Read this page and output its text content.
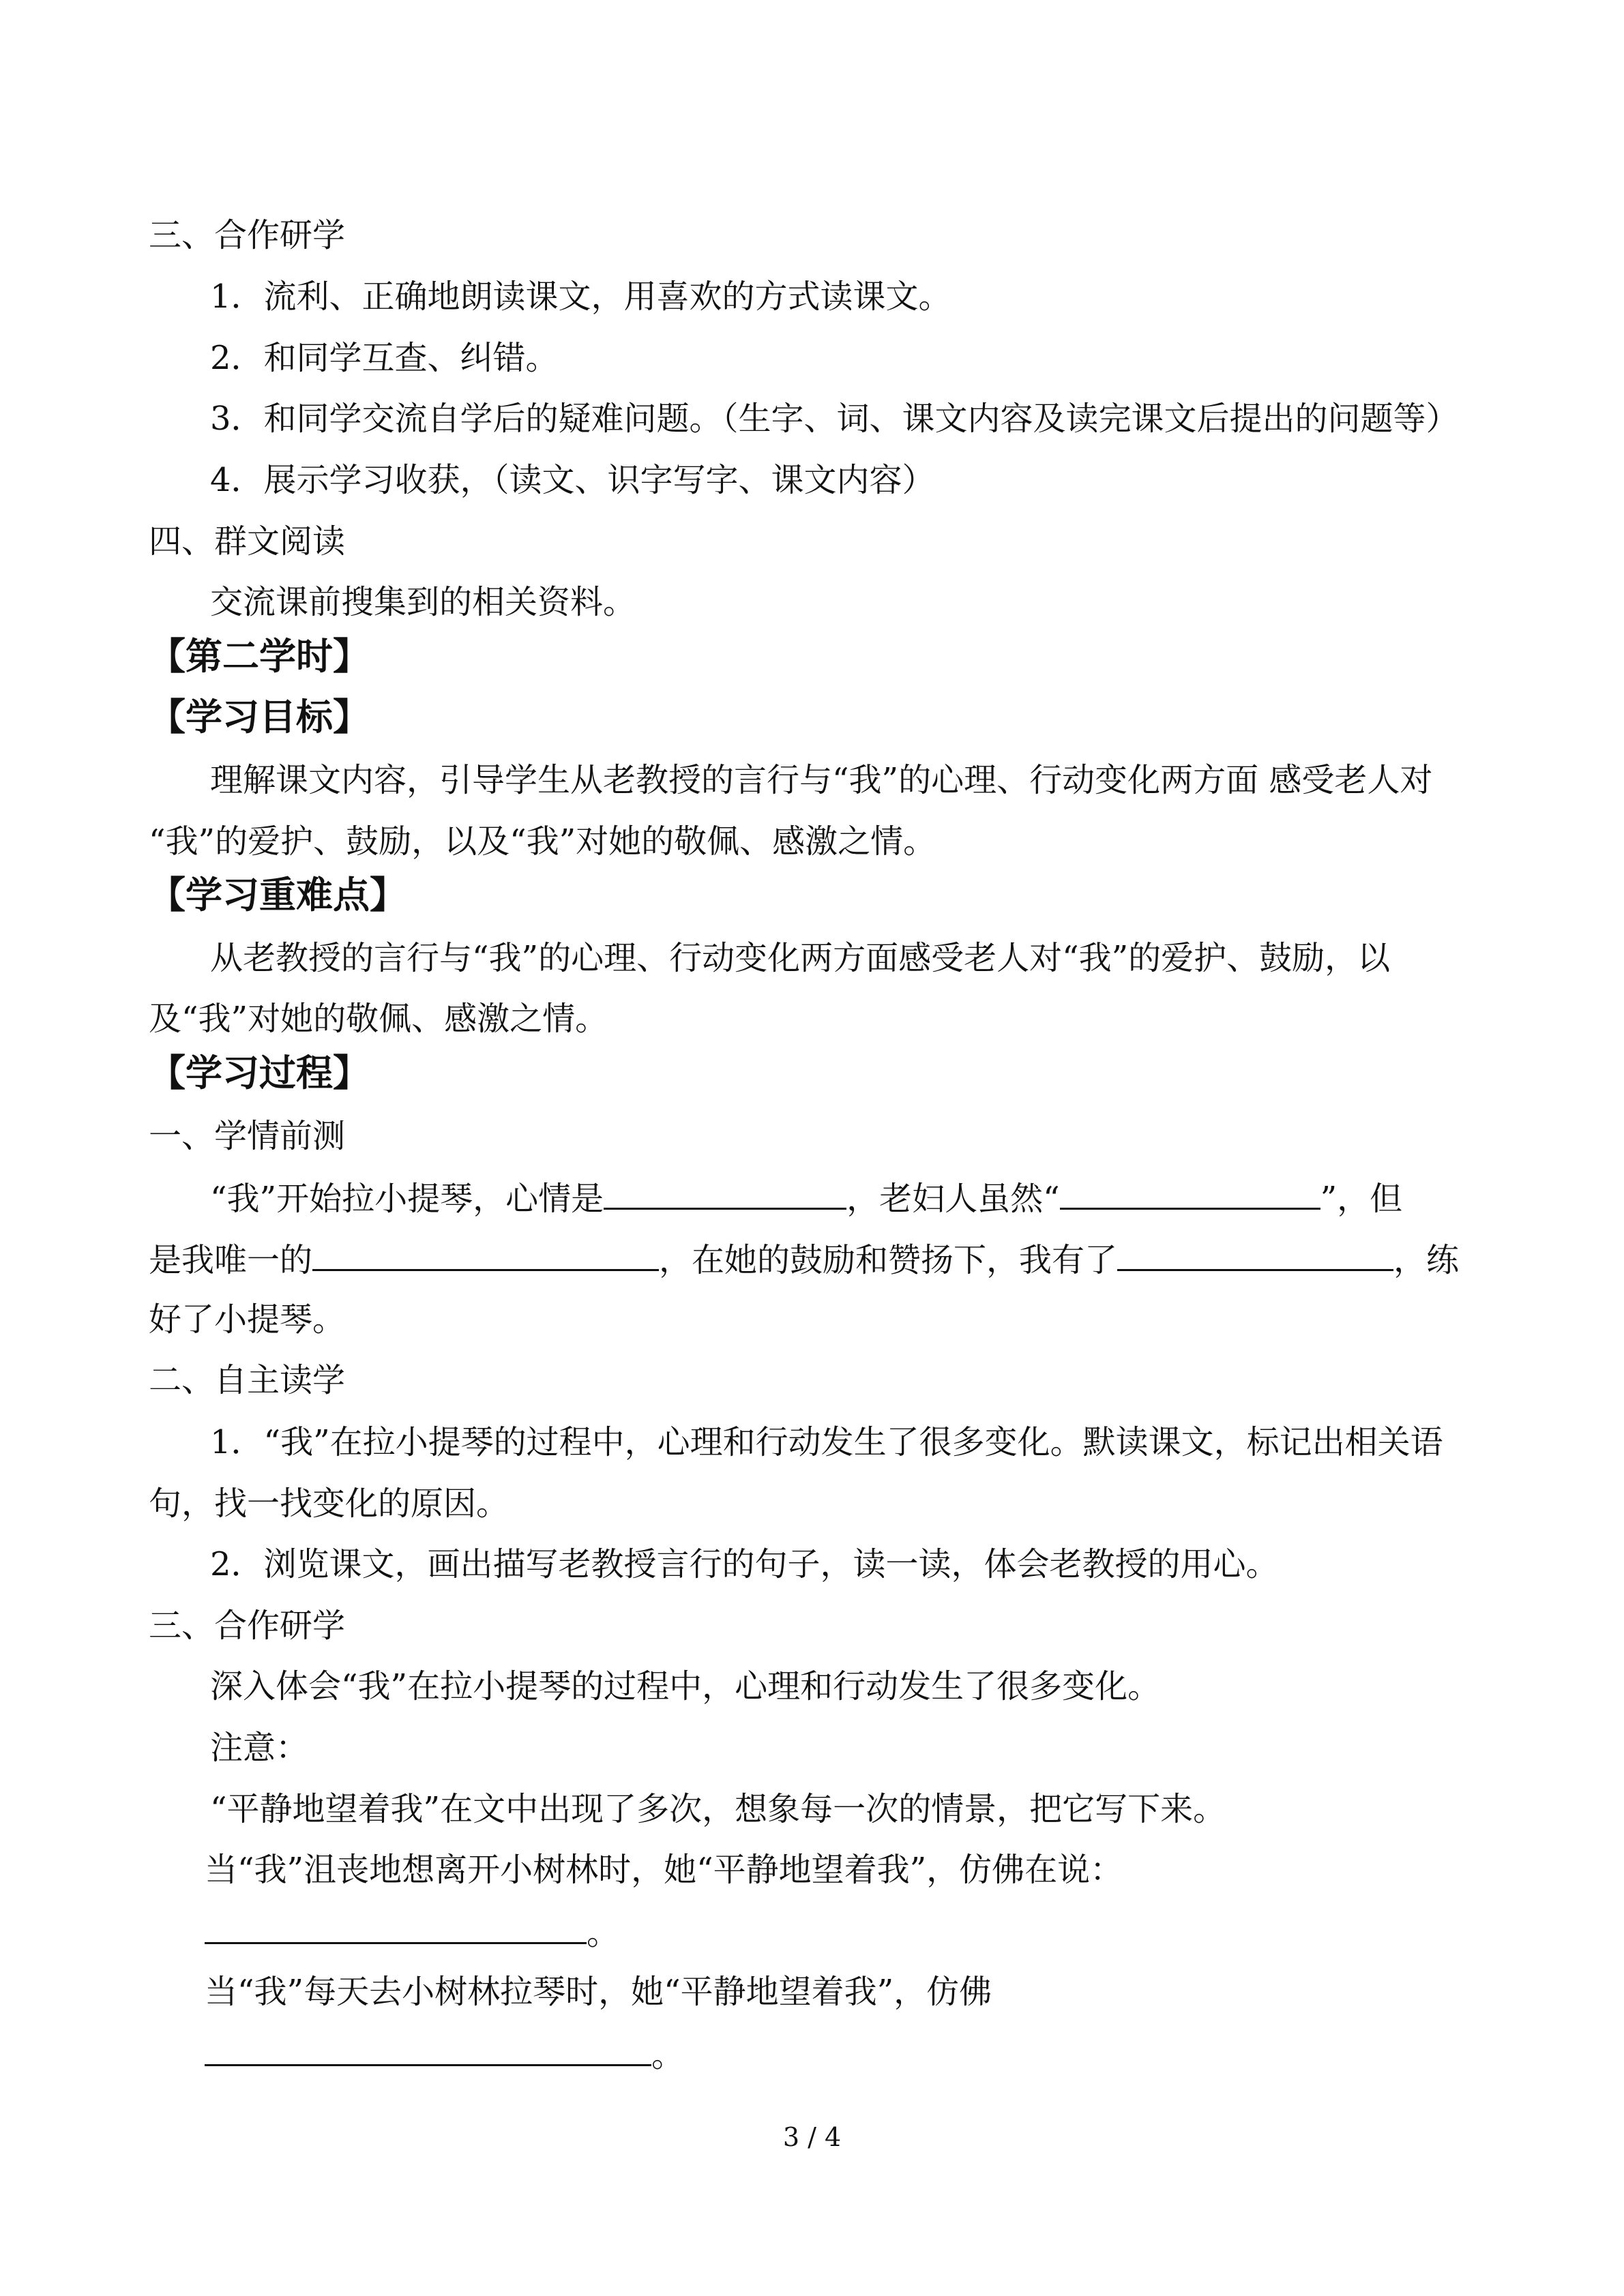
三、合作研学
1．流利、正确地朗读课文，用喜欢的方式读课文。
2．和同学互查、纠错。
3．和同学交流自学后的疑难问题。（生字、词、课文内容及读完课文后提出的问题等）
4．展示学习收获，（读文、识字写字、课文内容）
四、群文阅读
交流课前搜集到的相关资料。
【第二学时】
【学习目标】
理解课文内容，引导学生从老教授的言行与“我”的心理、行动变化两方面 感受老人对
“我”的爱护、鼓励，以及“我”对她的敬佩、感激之情。
【学习重难点】
从老教授的言行与“我”的心理、行动变化两方面感受老人对“我”的爱护、鼓励，以
及“我”对她的敬佩、感激之情。
【学习过程】
一、学情前测
“我”开始拉小提琴，心情是	，老妇人虽然“	”，但
是我唯一的	，在她的鼓励和赞扬下，我有了	，练
好了小提琴。
二、自主读学
1．“我”在拉小提琴的过程中，心理和行动发生了很多变化。默读课文，标记出相关语
句，找一找变化的原因。
2．浏览课文，画出描写老教授言行的句子，读一读，体会老教授的用心。
三、合作研学
深入体会“我”在拉小提琴的过程中，心理和行动发生了很多变化。
注意：
“平静地望着我”在文中出现了多次，想象每一次的情景，把它写下来。
当“我”沮丧地想离开小树林时，她“平静地望着我”，仿佛在说：
。
当“我”每天去小树林拉琴时，她“平静地望着我”，仿佛
。
3 / 4
